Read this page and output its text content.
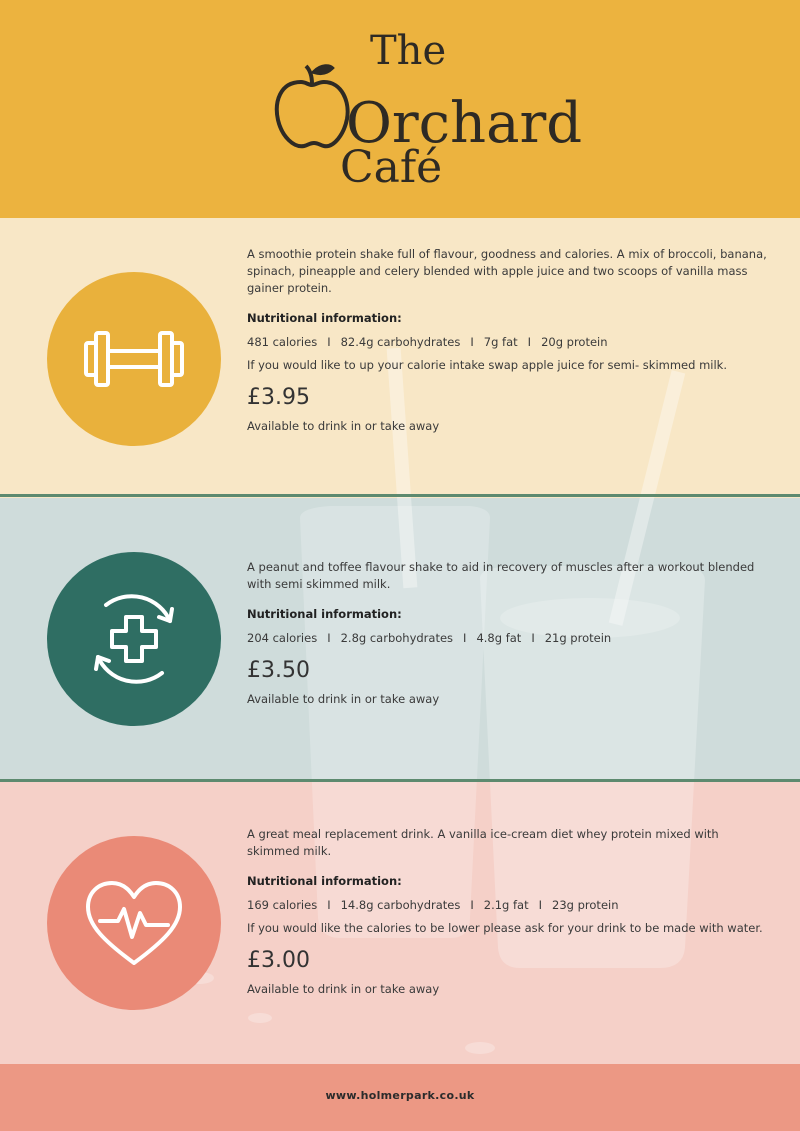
The
Orchard
Café

A smoothie protein shake full of flavour, goodness and calories. A mix of broccoli, banana, spinach, pineapple and celery blended with apple juice and two scoops of vanilla mass gainer protein.

Nutritional information:

481 calories I 82.4g carbohydrates I 7g fat I 20g protein

If you would like to up your calorie intake swap apple juice for semi- skimmed milk.

£3.95

Available to drink in or take away

A peanut and toffee flavour shake to aid in recovery of muscles after a workout blended with semi skimmed milk.

Nutritional information:

204 calories I 2.8g carbohydrates I 4.8g fat I 21g protein

£3.50

Available to drink in or take away

A great meal replacement drink. A vanilla ice-cream diet whey protein mixed with skimmed milk.

Nutritional information:

169 calories I 14.8g carbohydrates I 2.1g fat I 23g protein

If you would like the calories to be lower please ask for your drink to be made with water.

£3.00

Available to drink in or take away

www.holmerpark.co.uk
